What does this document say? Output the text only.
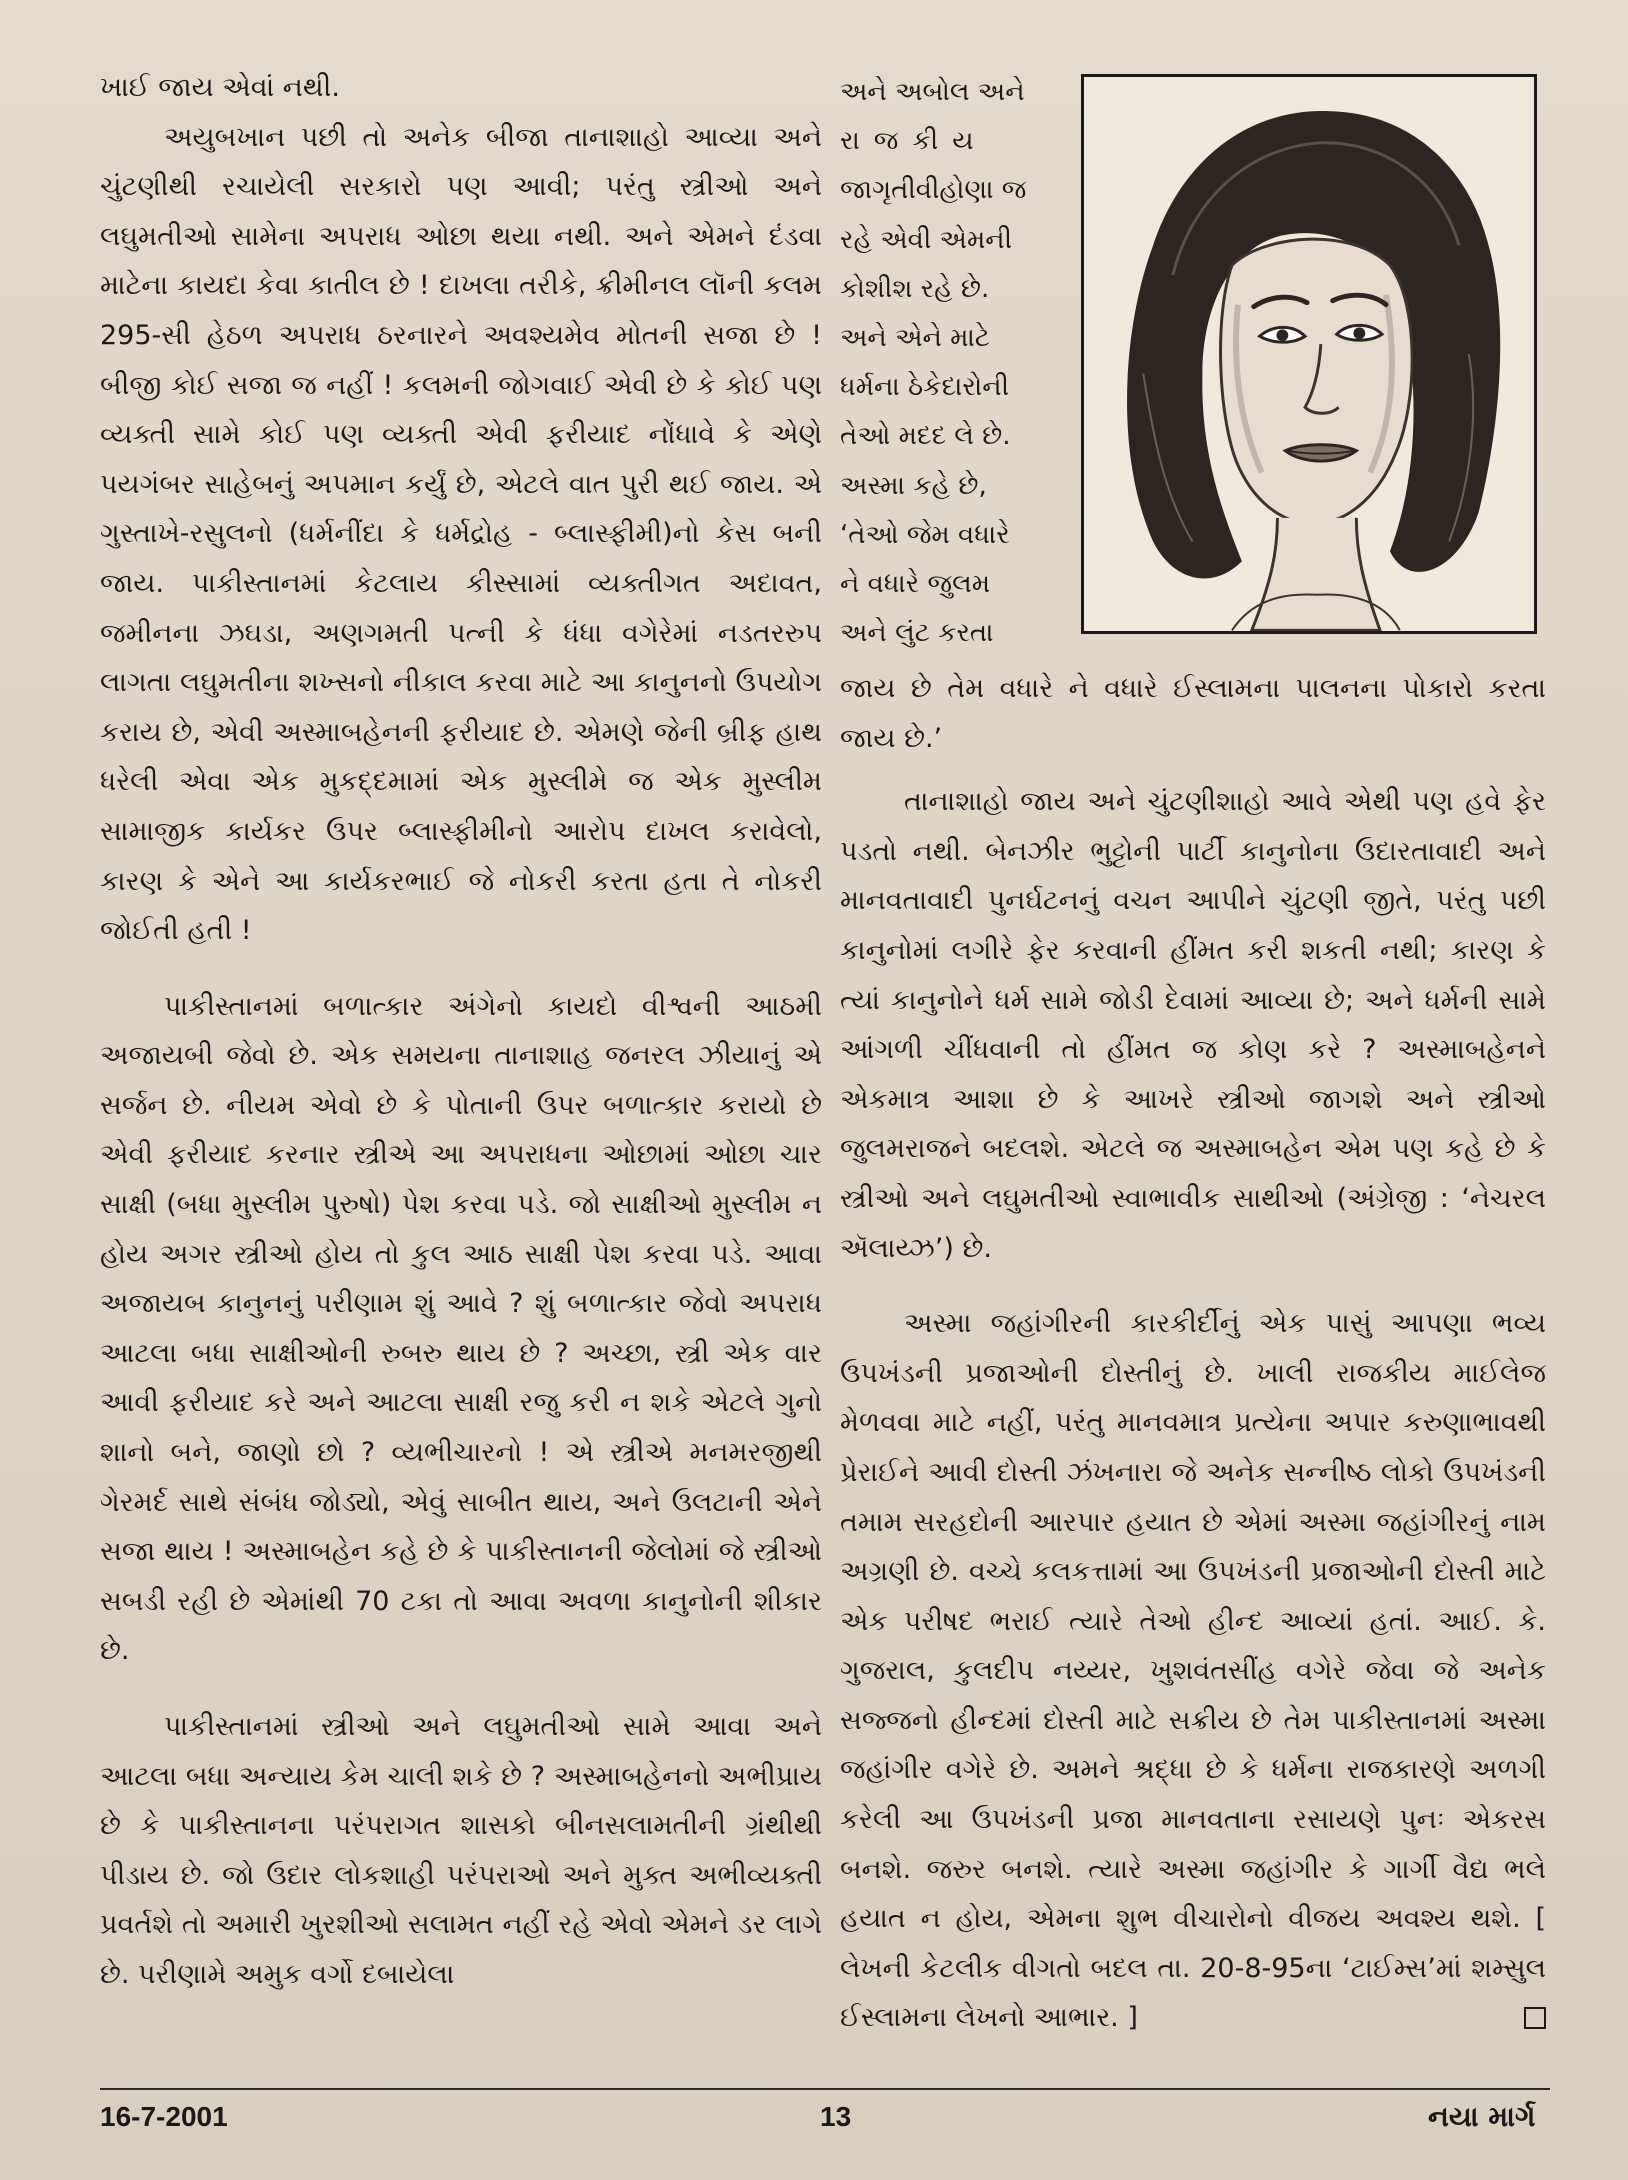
ખાઈ જાય એવાં નથી.

અયુબખાન પછી તો અનેક બીજા તાનાશાહો આવ્યા અને ચુંટણીથી રચાયેલી સરકારો પણ આવી; પરંતુ સ્ત્રીઓ અને લઘુમતીઓ સામેના અપરાધ ઓછા થયા નથી. અને એમને દંડવા માટેના કાયદા કેવા કાતીલ છે ! દાખલા તરીકે, ક્રીમીનલ લૉની કલમ 295-સી હેઠળ અપરાધ ઠરનારને અવશ્યમેવ મોતની સજા છે ! બીજી કોઈ સજા જ નહીં ! કલમની જોગવાઈ એવી છે કે કોઈ પણ વ્યક્તી સામે કોઈ પણ વ્યક્તી એવી ફરીયાદ નોંધાવે કે એણે પયગંબર સાહેબનું અપમાન કર્યું છે, એટલે વાત પુરી થઈ જાય. એ ગુસ્તાખે-રસુલનો (ધર્મનીંદા કે ધર્મદ્રોહ - બ્લાસ્ફીમી)નો કેસ બની જાય. પાકીસ્તાનમાં કેટલાય કીસ્સામાં વ્યક્તીગત અદાવત, જમીનના ઝઘડા, અણગમતી પત્ની કે ધંધા વગેરેમાં નડતરરુપ લાગતા લઘુમતીના શખ્સનો નીકાલ કરવા માટે આ કાનુનનો ઉપયોગ કરાય છે, એવી અસ્માબહેનની ફરીયાદ છે. એમણે જેની બ્રીફ હાથ ધરેલી એવા એક મુકદ્દમામાં એક મુસ્લીમે જ એક મુસ્લીમ સામાજીક કાર્યકર ઉપર બ્લાસ્ફીમીનો આરોપ દાખલ કરાવેલો, કારણ કે એને આ કાર્યકરભાઈ જે નોકરી કરતા હતા તે નોકરી જોઈતી હતી !

પાકીસ્તાનમાં બળાત્કાર અંગેનો કાયદો વીશ્વની આઠમી અજાયબી જેવો છે. એક સમયના તાનાશાહ જનરલ ઝીયાનું એ સર્જન છે. નીયમ એવો છે કે પોતાની ઉપર બળાત્કાર કરાયો છે એવી ફરીયાદ કરનાર સ્ત્રીએ આ અપરાધના ઓછામાં ઓછા ચાર સાક્ષી (બધા મુસ્લીમ પુરુષો) પેશ કરવા પડે. જો સાક્ષીઓ મુસ્લીમ ન હોય અગર સ્ત્રીઓ હોય તો કુલ આઠ સાક્ષી પેશ કરવા પડે. આવા અજાયબ કાનુનનું પરીણામ શું આવે ? શું બળાત્કાર જેવો અપરાધ આટલા બધા સાક્ષીઓની રુબરુ થાય છે ? અચ્છા, સ્ત્રી એક વાર આવી ફરીયાદ કરે અને આટલા સાક્ષી રજુ કરી ન શકે એટલે ગુનો શાનો બને, જાણો છો ? વ્યભીચારનો ! એ સ્ત્રીએ મનમરજીથી ગેરમર્દ સાથે સંબંધ જોડ્યો, એવું સાબીત થાય, અને ઉલટાની એને સજા થાય ! અસ્માબહેન કહે છે કે પાકીસ્તાનની જેલોમાં જે સ્ત્રીઓ સબડી રહી છે એમાંથી 70 ટકા તો આવા અવળા કાનુનોની શીકાર છે.

પાકીસ્તાનમાં સ્ત્રીઓ અને લઘુમતીઓ સામે આવા અને આટલા બધા અન્યાય કેમ ચાલી શકે છે ? અસ્માબહેનનો અભીપ્રાય છે કે પાકીસ્તાનના પરંપરાગત શાસકો બીનસલામતીની ગ્રંથીથી પીડાય છે. જો ઉદાર લોકશાહી પરંપરાઓ અને મુક્ત અભીવ્યક્તી પ્રવર્તશે તો અમારી ખુરશીઓ સલામત નહીં રહે એવો એમને ડર લાગે છે. પરીણામે અમુક વર્ગો દબાયેલા

અને અબોલ અને

રાજકીય

જાગૃતીવીહોણા જ

રહે એવી એમની

કોશીશ રહે છે.

અને એને માટે

ધર્મના ઠેકેદારોની

તેઓ મદદ લે છે.

અસ્મા કહે છે,

‘તેઓ જેમ વધારે

ને વધારે જુલમ

અને લુંટ કરતા

જાય છે તેમ વધારે ને વધારે ઈસ્લામના પાલનના પોકારો કરતા જાય છે.’

તાનાશાહો જાય અને ચુંટણીશાહો આવે એથી પણ હવે ફેર પડતો નથી. બેનઝીર ભુટ્ટોની પાર્ટી કાનુનોના ઉદારતાવાદી અને માનવતાવાદી પુનર્ઘટનનું વચન આપીને ચુંટણી જીતે, પરંતુ પછી કાનુનોમાં લગીરે ફેર કરવાની હીંમત કરી શકતી નથી; કારણ કે ત્યાં કાનુનોને ધર્મ સામે જોડી દેવામાં આવ્યા છે; અને ધર્મની સામે આંગળી ચીંધવાની તો હીંમત જ કોણ કરે ? અસ્માબહેનને એકમાત્ર આશા છે કે આખરે સ્ત્રીઓ જાગશે અને સ્ત્રીઓ જુલમરાજને બદલશે. એટલે જ અસ્માબહેન એમ પણ કહે છે કે સ્ત્રીઓ અને લઘુમતીઓ સ્વાભાવીક સાથીઓ (અંગ્રેજી : ‘નેચરલ ઍલાય્ઝ’) છે.

અસ્મા જહાંગીરની કારકીર્દીનું એક પાસું આપણા ભવ્ય ઉપખંડની પ્રજાઓની દોસ્તીનું છે. ખાલી રાજકીય માઈલેજ મેળવવા માટે નહીં, પરંતુ માનવમાત્ર પ્રત્યેના અપાર કરુણાભાવથી પ્રેરાઈને આવી દોસ્તી ઝંખનારા જે અનેક સન્નીષ્ઠ લોકો ઉપખંડની તમામ સરહદોની આરપાર હયાત છે એમાં અસ્મા જહાંગીરનું નામ અગ્રણી છે. વચ્ચે કલકત્તામાં આ ઉપખંડની પ્રજાઓની દોસ્તી માટે એક પરીષદ ભરાઈ ત્યારે તેઓ હીન્દ આવ્યાં હતાં. આઈ. કે. ગુજરાલ, કુલદીપ નય્યર, ખુશવંતસીંહ વગેરે જેવા જે અનેક સજ્જનો હીન્દમાં દોસ્તી માટે સક્રીય છે તેમ પાકીસ્તાનમાં અસ્મા જહાંગીર વગેરે છે. અમને શ્રદ્ધા છે કે ધર્મના રાજકારણે અળગી કરેલી આ ઉપખંડની પ્રજા માનવતાના રસાયણે પુનઃ એકરસ બનશે. જરુર બનશે. ત્યારે અસ્મા જહાંગીર કે ગાર્ગી વૈદ્ય ભલે હયાત ન હોય, એમના શુભ વીચારોનો વીજય અવશ્ય થશે. [ લેખની કેટલીક વીગતો બદલ તા. 20-8-95ના ‘ટાઈમ્સ’માં શમ્સુલ ઈસ્લામના લેખનો આભાર. ]

16-7-2001	13	નયા માર્ગ
